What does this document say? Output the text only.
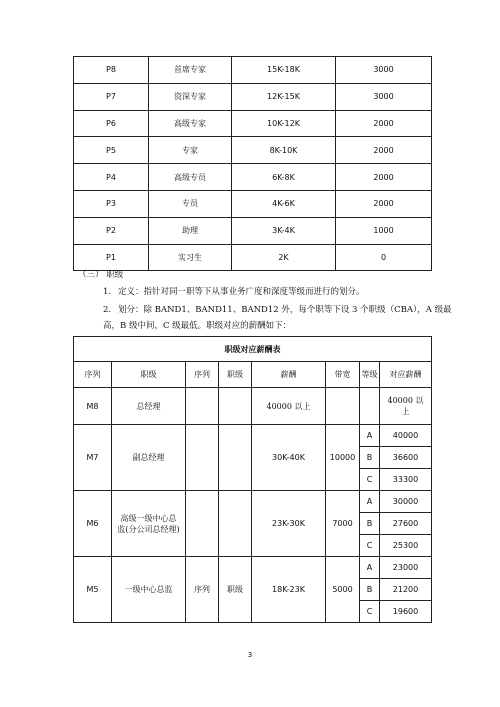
P8	首席专家	15K-18K	3000
P7	资深专家	12K-15K	3000
P6	高级专家	10K-12K	2000
P5	专家	8K-10K	2000
P4	高级专员	6K-8K	2000
P3	专员	4K-6K	2000
P2	助理	3K-4K	1000
P1	实习生	2K	0
（三） 职级
1. 定义：指针对同一职等下从事业务广度和深度等级而进行的划分。
2. 划分：除 BAND1、BAND11、BAND12 外，每个职等下设 3 个职级（CBA），A 级最
高，B 级中间，C 级最低。职级对应的薪酬如下：
职级对应薪酬表							
序列	职级	序列	职级	薪酬	带宽	等级	对应薪酬
M8	总经理			40000 以上			40000 以
上
M7	副总经理			30K-40K	10000	A	40000
						B	36600
						C	33300
M6	高级一级中心总
监(分公司总经理)			23K-30K	7000	A	30000
						B	27600
						C	25300
M5	一级中心总监	序列	职级	18K-23K	5000	A	23000
						B	21200
						C	19600
3
